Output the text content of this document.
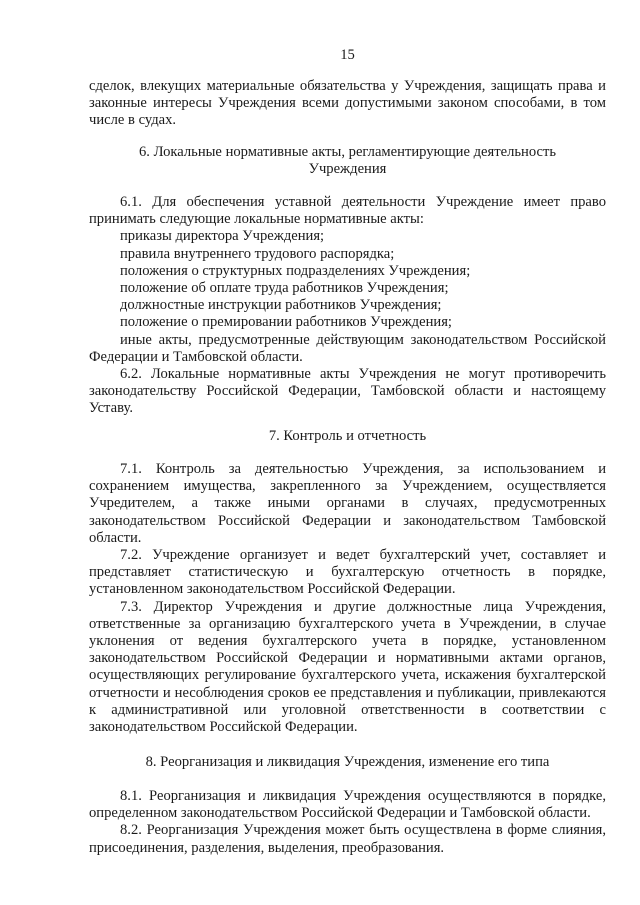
15

сделок, влекущих материальные обязательства у Учреждения, защищать права и законные интересы Учреждения всеми допустимыми законом способами, в том числе в судах.

6. Локальные нормативные акты, регламентирующие деятельность

Учреждения

6.1. Для обеспечения уставной деятельности Учреждение имеет право принимать следующие локальные нормативные акты:

приказы директора Учреждения;

правила внутреннего трудового распорядка;

положения о структурных подразделениях Учреждения;

положение об оплате труда работников Учреждения;

должностные инструкции работников Учреждения;

положение о премировании работников Учреждения;

иные акты, предусмотренные действующим законодательством Российской Федерации и Тамбовской области.

6.2. Локальные нормативные акты Учреждения не могут противоречить законодательству Российской Федерации, Тамбовской области и настоящему Уставу.

7. Контроль и отчетность

7.1. Контроль за деятельностью Учреждения, за использованием и сохранением имущества, закрепленного за Учреждением, осуществляется Учредителем, а также иными органами в случаях, предусмотренных законодательством Российской Федерации и законодательством Тамбовской области.

7.2. Учреждение организует и ведет бухгалтерский учет, составляет и представляет статистическую и бухгалтерскую отчетность в порядке, установленном законодательством Российской Федерации.

7.3. Директор Учреждения и другие должностные лица Учреждения, ответственные за организацию бухгалтерского учета в Учреждении, в случае уклонения от ведения бухгалтерского учета в порядке, установленном законодательством Российской Федерации и нормативными актами органов, осуществляющих регулирование бухгалтерского учета, искажения бухгалтерской отчетности и несоблюдения сроков ее представления и публикации, привлекаются к административной или уголовной ответственности в соответствии с законодательством Российской Федерации.

8. Реорганизация и ликвидация Учреждения, изменение его типа

8.1. Реорганизация и ликвидация Учреждения осуществляются в порядке, определенном законодательством Российской Федерации и Тамбовской области.

8.2. Реорганизация Учреждения может быть осуществлена в форме слияния, присоединения, разделения, выделения, преобразования.
